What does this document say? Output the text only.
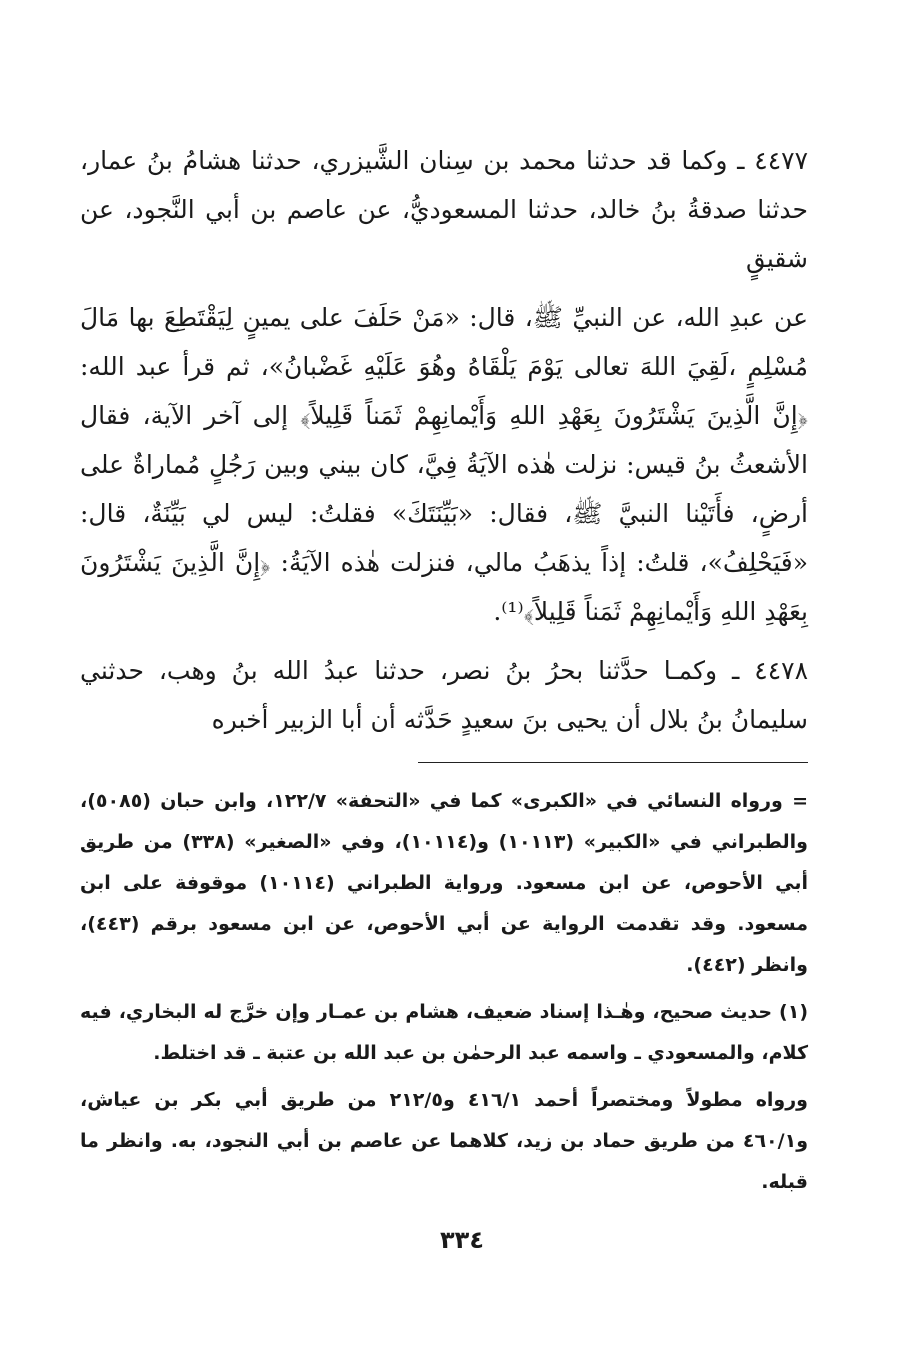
٤٤٧٧ ـ وكما قد حدثنا محمد بن سِنان الشَّيزري، حدثنا هشامُ بنُ عمار، حدثنا صدقةُ بنُ خالد، حدثنا المسعوديُّ، عن عاصم بن أبي النَّجود، عن شقيقٍ

عن عبدِ الله، عن النبيِّ ﷺ، قال: «مَنْ حَلَفَ على يمينٍ لِيَقْتَطِعَ بها مَالَ مُسْلِمٍ ،لَقِيَ اللهَ تعالى يَوْمَ يَلْقَاهُ وهُوَ عَلَيْهِ غَضْبانُ»، ثم قرأ عبد الله: ﴿إِنَّ الَّذِينَ يَشْتَرُونَ بِعَهْدِ اللهِ وَأَيْمانِهِمْ ثَمَناً قَلِيلاً﴾ إلى آخر الآية، فقال الأشعثُ بنُ قيس: نزلت هٰذه الآيَةُ فِيَّ، كان بيني وبين رَجُلٍ مُماراةٌ على أرضٍ، فأَتَيْنا النبيَّ ﷺ، فقال: «بَيِّنَتَكَ» فقلتُ: ليس لي بَيِّنَةٌ، قال: «فَيَحْلِفُ»، قلتُ: إذاً يذهَبُ مالي، فنزلت هٰذه الآيَةُ: ﴿إِنَّ الَّذِينَ يَشْتَرُونَ بِعَهْدِ اللهِ وَأَيْمانِهِمْ ثَمَناً قَلِيلاً﴾⁽¹⁾.

٤٤٧٨ ـ وكمـا حدَّثنا بحرُ بنُ نصر، حدثنا عبدُ الله بنُ وهب، حدثني سليمانُ بنُ بلال أن يحيى بنَ سعيدٍ حَدَّثه أن أبا الزبير أخبره

= ورواه النسائي في «الكبرى» كما في «التحفة» ١٢٢/٧، وابن حبان (٥٠٨٥)، والطبراني في «الكبير» (١٠١١٣) و(١٠١١٤)، وفي «الصغير» (٣٣٨) من طريق أبي الأحوص، عن ابن مسعود. ورواية الطبراني (١٠١١٤) موقوفة على ابن مسعود. وقد تقدمت الرواية عن أبي الأحوص، عن ابن مسعود برقم (٤٤٣)، وانظر (٤٤٢).

(١) حديث صحيح، وهٰـذا إسناد ضعيف، هشام بن عمـار وإن خرَّج له البخاري، فيه كلام، والمسعودي ـ واسمه عبد الرحمٰن بن عبد الله بن عتبة ـ قد اختلط.

ورواه مطولاً ومختصراً أحمد ٤١٦/١ و٢١٢/٥ من طريق أبي بكر بن عياش، و٤٦٠/١ من طريق حماد بن زيد، كلاهما عن عاصم بن أبي النجود، به. وانظر ما قبله.

٣٣٤
